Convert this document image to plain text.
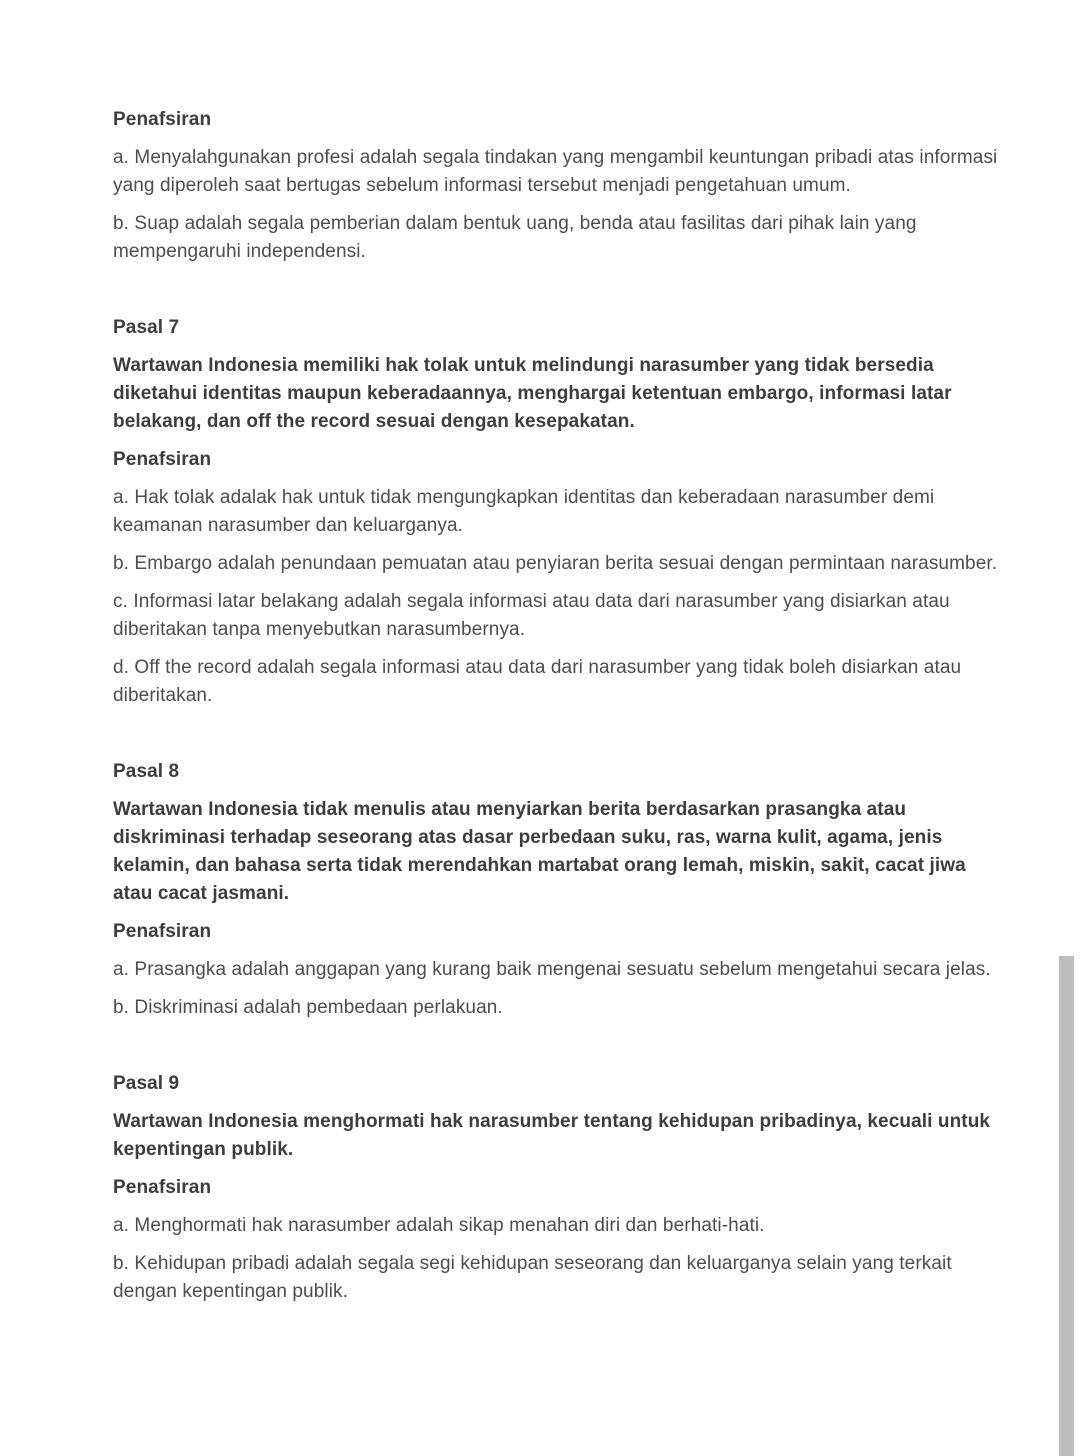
Penafsiran

a. Menyalahgunakan profesi adalah segala tindakan yang mengambil keuntungan pribadi atas informasi yang diperoleh saat bertugas sebelum informasi tersebut menjadi pengetahuan umum.

b. Suap adalah segala pemberian dalam bentuk uang, benda atau fasilitas dari pihak lain yang mempengaruhi independensi.

Pasal 7

Wartawan Indonesia memiliki hak tolak untuk melindungi narasumber yang tidak bersedia diketahui identitas maupun keberadaannya, menghargai ketentuan embargo, informasi latar belakang, dan off the record sesuai dengan kesepakatan.

Penafsiran

a. Hak tolak adalak hak untuk tidak mengungkapkan identitas dan keberadaan narasumber demi keamanan narasumber dan keluarganya.

b. Embargo adalah penundaan pemuatan atau penyiaran berita sesuai dengan permintaan narasumber.

c. Informasi latar belakang adalah segala informasi atau data dari narasumber yang disiarkan atau diberitakan tanpa menyebutkan narasumbernya.

d. Off the record adalah segala informasi atau data dari narasumber yang tidak boleh disiarkan atau diberitakan.

Pasal 8

Wartawan Indonesia tidak menulis atau menyiarkan berita berdasarkan prasangka atau diskriminasi terhadap seseorang atas dasar perbedaan suku, ras, warna kulit, agama, jenis kelamin, dan bahasa serta tidak merendahkan martabat orang lemah, miskin, sakit, cacat jiwa atau cacat jasmani.

Penafsiran

a. Prasangka adalah anggapan yang kurang baik mengenai sesuatu sebelum mengetahui secara jelas.

b. Diskriminasi adalah pembedaan perlakuan.

Pasal 9

Wartawan Indonesia menghormati hak narasumber tentang kehidupan pribadinya, kecuali untuk kepentingan publik.

Penafsiran

a. Menghormati hak narasumber adalah sikap menahan diri dan berhati-hati.

b. Kehidupan pribadi adalah segala segi kehidupan seseorang dan keluarganya selain yang terkait dengan kepentingan publik.
